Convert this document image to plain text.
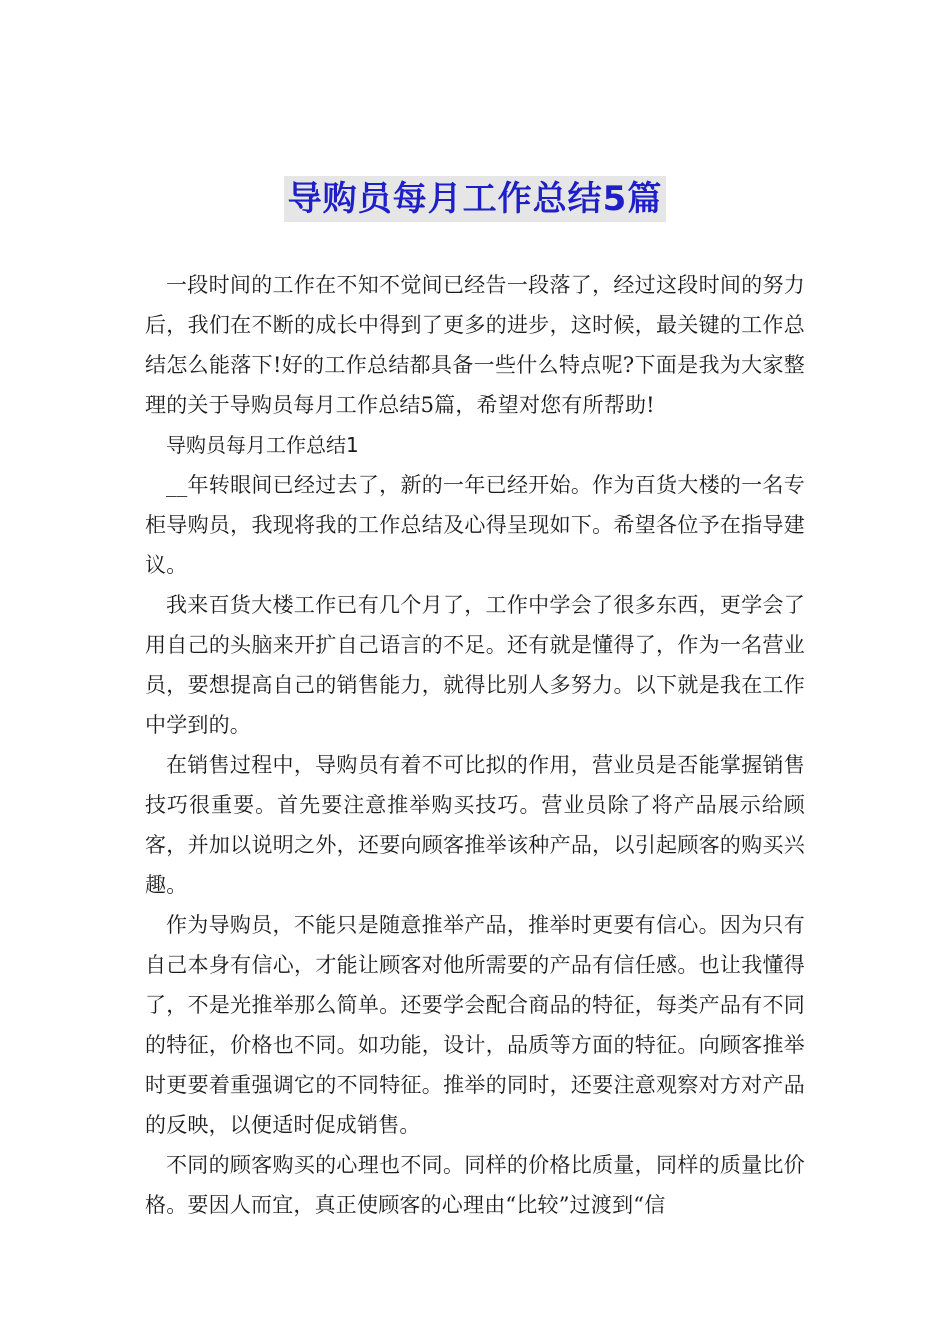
导购员每月工作总结5篇

一段时间的工作在不知不觉间已经告一段落了，经过这段时间的努力后，我们在不断的成长中得到了更多的进步，这时候，最关键的工作总结怎么能落下!好的工作总结都具备一些什么特点呢?下面是我为大家整理的关于导购员每月工作总结5篇，希望对您有所帮助!

导购员每月工作总结1

__年转眼间已经过去了，新的一年已经开始。作为百货大楼的一名专柜导购员，我现将我的工作总结及心得呈现如下。希望各位予在指导建议。

我来百货大楼工作已有几个月了，工作中学会了很多东西，更学会了用自己的头脑来开扩自己语言的不足。还有就是懂得了，作为一名营业员，要想提高自己的销售能力，就得比别人多努力。以下就是我在工作中学到的。

在销售过程中，导购员有着不可比拟的作用，营业员是否能掌握销售技巧很重要。首先要注意推举购买技巧。营业员除了将产品展示给顾客，并加以说明之外，还要向顾客推举该种产品，以引起顾客的购买兴趣。

作为导购员，不能只是随意推举产品，推举时更要有信心。因为只有自己本身有信心，才能让顾客对他所需要的产品有信任感。也让我懂得了，不是光推举那么简单。还要学会配合商品的特征，每类产品有不同的特征，价格也不同。如功能，设计，品质等方面的特征。向顾客推举时更要着重强调它的不同特征。推举的同时，还要注意观察对方对产品的反映，以便适时促成销售。

不同的顾客购买的心理也不同。同样的价格比质量，同样的质量比价格。要因人而宜，真正使顾客的心理由“比较”过渡到“信
